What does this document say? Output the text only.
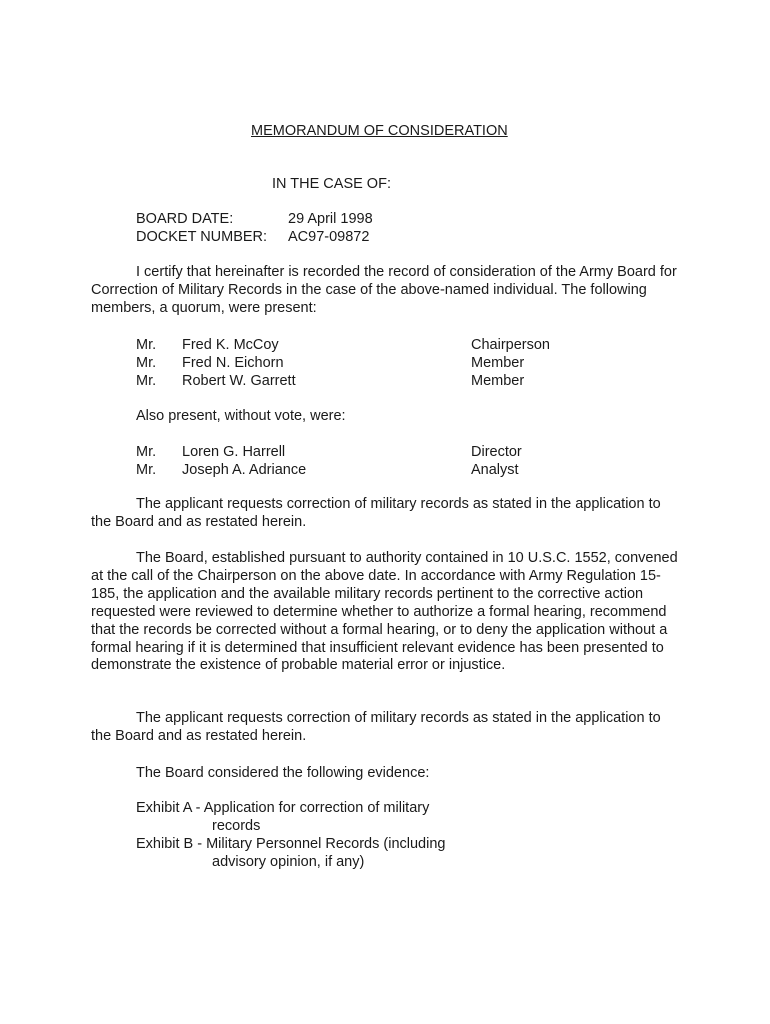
MEMORANDUM OF CONSIDERATION
IN THE CASE OF:
BOARD DATE:	29 April 1998
DOCKET NUMBER: AC97-09872
I certify that hereinafter is recorded the record of consideration of the Army Board for Correction of Military Records in the case of the above-named individual. The following members, a quorum, were present:
Mr. Fred K. McCoy	Chairperson
Mr. Fred N. Eichorn	Member
Mr. Robert W. Garrett	Member
Also present, without vote, were:
Mr. Loren G. Harrell	Director
Mr. Joseph A. Adriance	Analyst
The applicant requests correction of military records as stated in the application to the Board and as restated herein.
The Board, established pursuant to authority contained in 10 U.S.C. 1552, convened at the call of the Chairperson on the above date. In accordance with Army Regulation 15-185, the application and the available military records pertinent to the corrective action requested were reviewed to determine whether to authorize a formal hearing, recommend that the records be corrected without a formal hearing, or to deny the application without a formal hearing if it is determined that insufficient relevant evidence has been presented to demonstrate the existence of probable material error or injustice.
The applicant requests correction of military records as stated in the application to the Board and as restated herein.
The Board considered the following evidence:
Exhibit A - Application for correction of military
records
Exhibit B - Military Personnel Records (including
advisory opinion, if any)
